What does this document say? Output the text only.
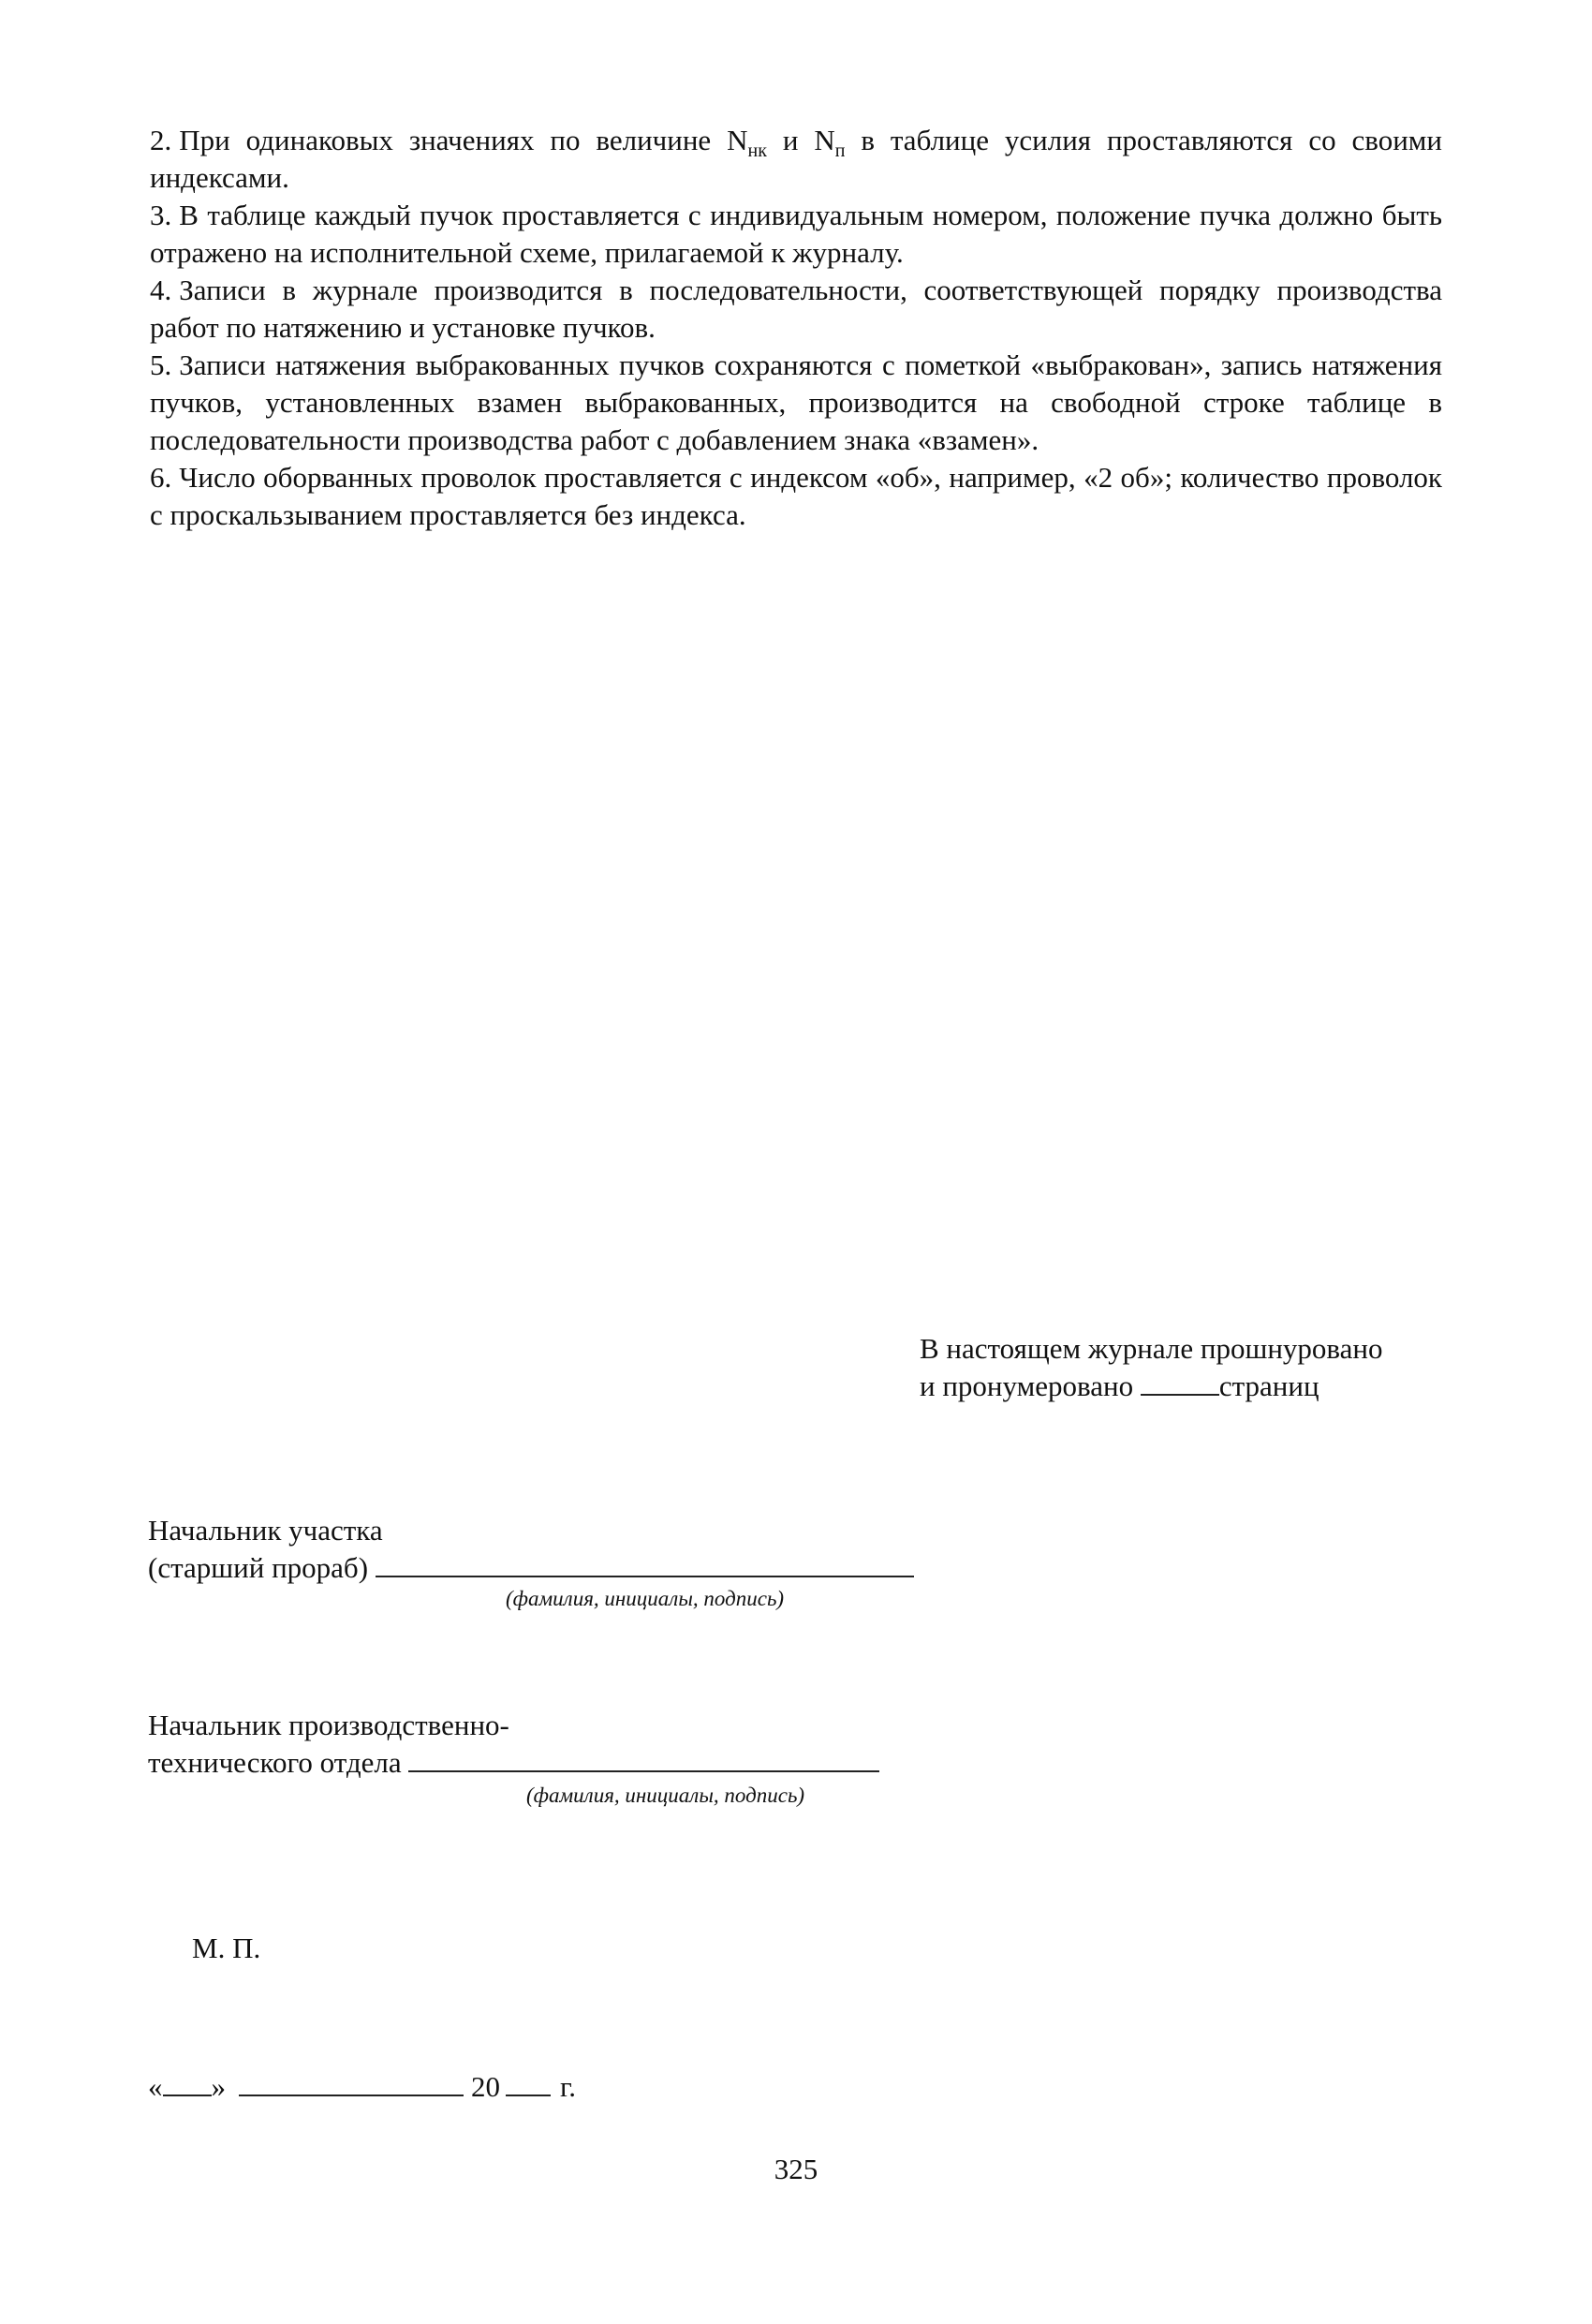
2. При одинаковых значениях по величине $N_{нк}$ и $N_п$ в таблице усилия проставляются со своими индексами.

3. В таблице каждый пучок проставляется с индивидуальным номером, положение пучка должно быть отражено на исполнительной схеме, прилагаемой к журналу.

4. Записи в журнале производится в последовательности, соответствующей порядку производства работ по натяжению и установке пучков.

5. Записи натяжения выбракованных пучков сохраняются с пометкой «выбракован», запись натяжения пучков, установленных взамен выбракованных, производится на свободной строке таблице в последовательности производства работ с добавлением знака «взамен».

6. Число оборванных проволок проставляется с индексом «об», например, «2 об»; количество проволок с проскальзыванием проставляется без индекса.

В настоящем журнале прошнуровано
и пронумеровано	страниц
Начальник участка
(старший прораб)
(фамилия, инициалы, подпись)
Начальник производственно-
технического отдела
(фамилия, инициалы, подпись)
М. П.
« »	20 г.
325
